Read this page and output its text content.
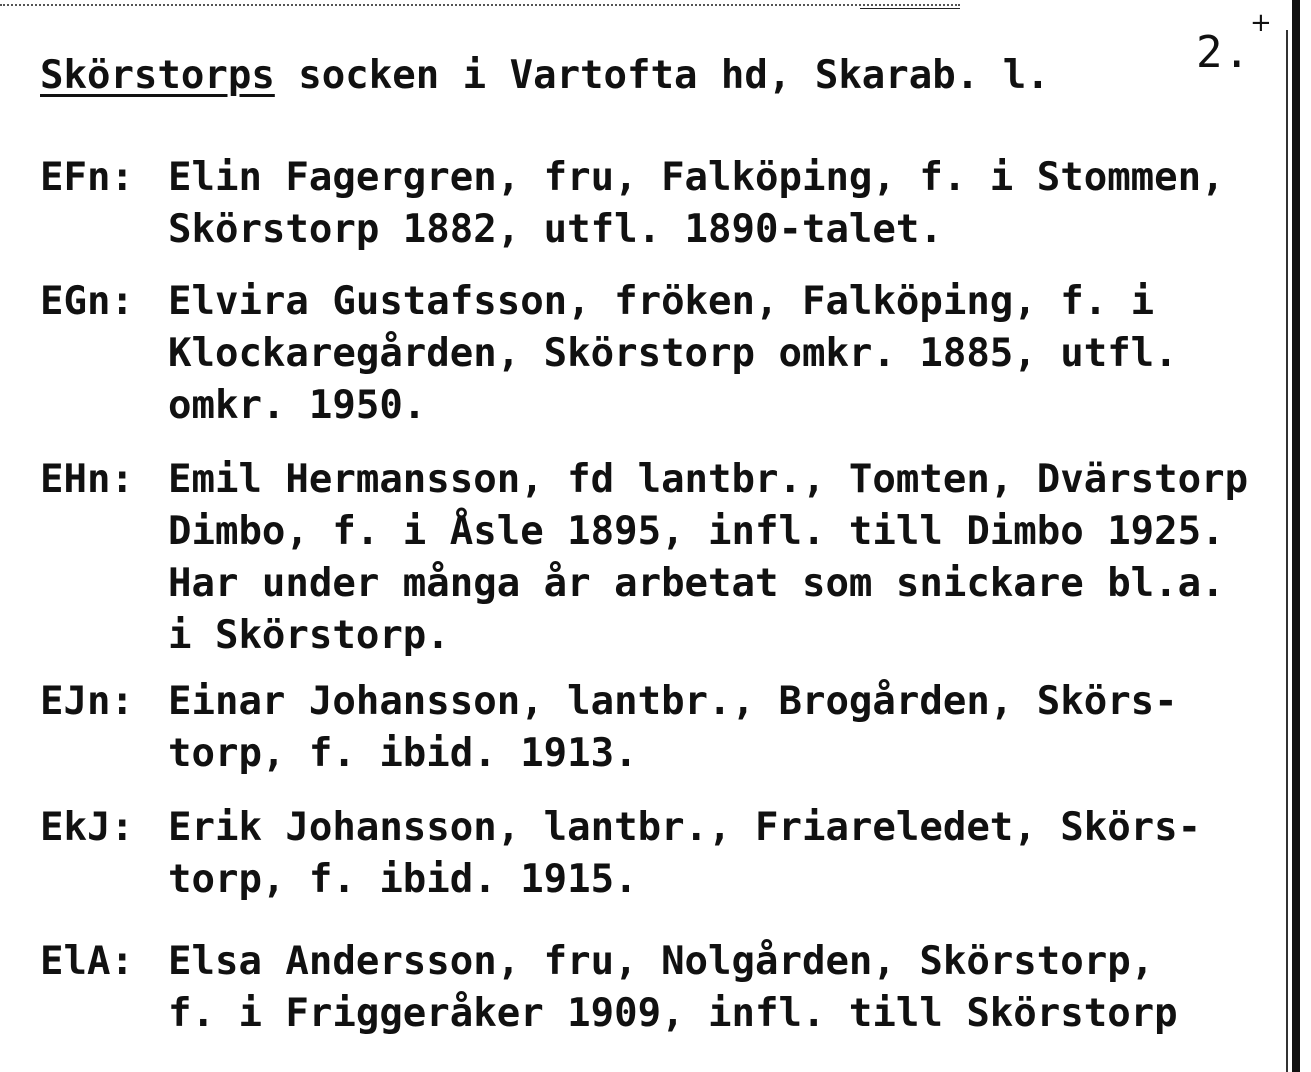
+
2.
Skörstorps socken i Vartofta hd, Skarab. l.
EFn: Elin Fagergren, fru, Falköping, f. i Stommen,
Skörstorp 1882, utfl. 1890-talet.
EGn: Elvira Gustafsson, fröken, Falköping, f. i
Klockaregården, Skörstorp omkr. 1885, utfl.
omkr. 1950.
EHn: Emil Hermansson, fd lantbr., Tomten, Dvärstorp
Dimbo, f. i Åsle 1895, infl. till Dimbo 1925.
Har under många år arbetat som snickare bl.a.
i Skörstorp.
EJn: Einar Johansson, lantbr., Brogården, Skörs-
torp, f. ibid. 1913.
EkJ: Erik Johansson, lantbr., Friareledet, Skörs-
torp, f. ibid. 1915.
ElA: Elsa Andersson, fru, Nolgården, Skörstorp,
f. i Friggeråker 1909, infl. till Skörstorp
